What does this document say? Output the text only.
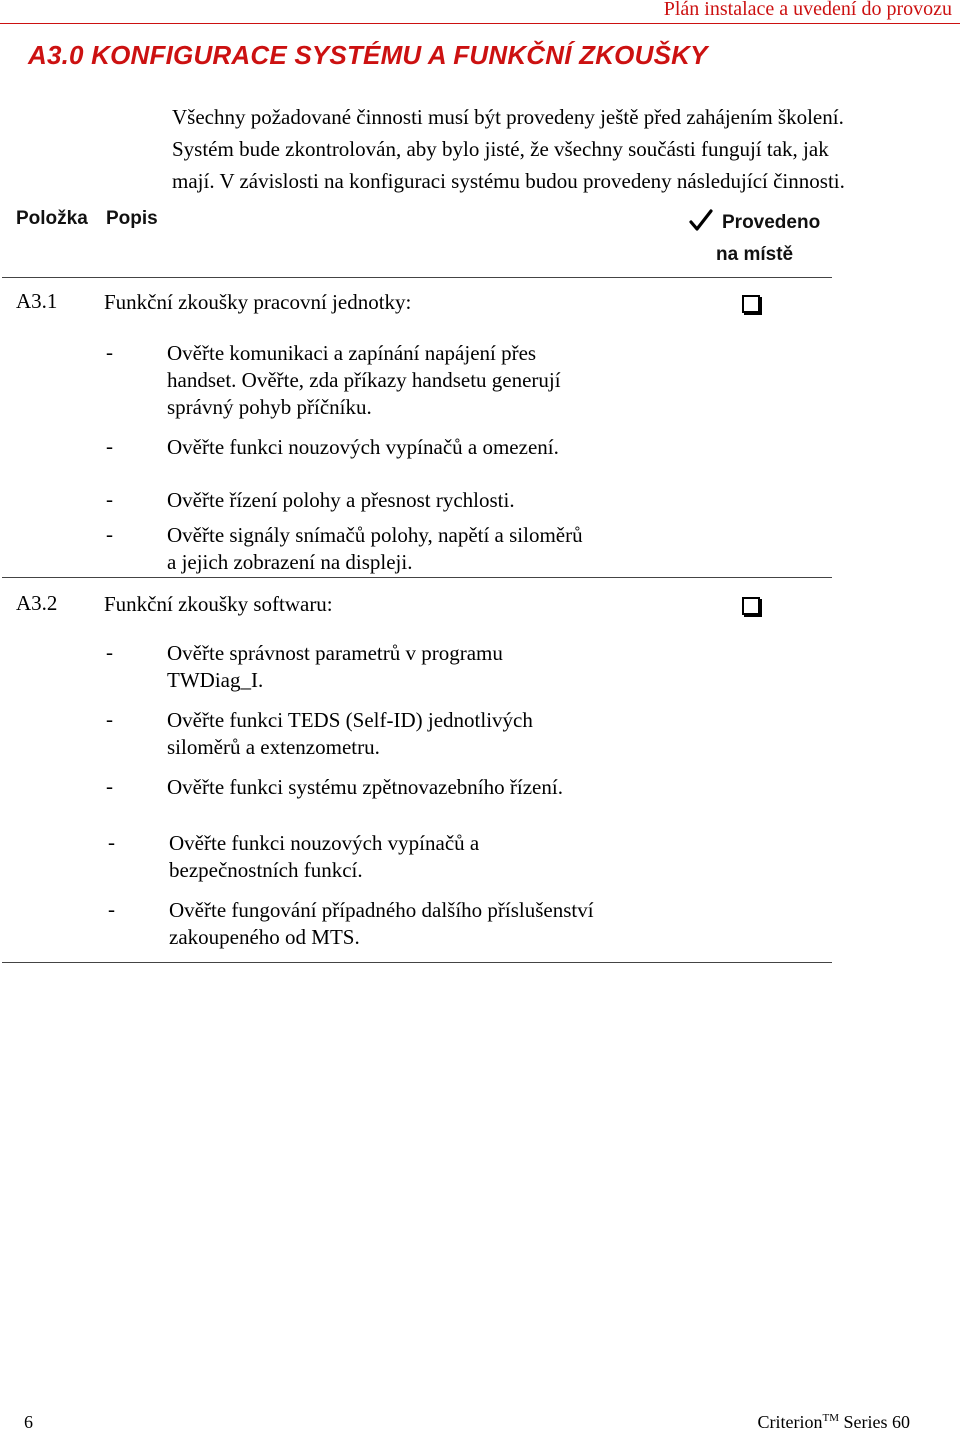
Plán instalace a uvedení do provozu
A3.0 KONFIGURACE SYSTÉMU A FUNKČNÍ ZKOUŠKY
Všechny požadované činnosti musí být provedeny ještě před zahájením školení.
Systém bude zkontrolován, aby bylo jisté, že všechny součásti fungují tak, jak
mají. V závislosti na konfiguraci systému budou provedeny následující činnosti.
Položka Popis	Provedeno
na místě
A3.1 Funkční zkoušky pracovní jednotky:
-	Ověřte komunikaci a zapínání napájení přes
handset. Ověřte, zda příkazy handsetu generují
správný pohyb příčníku.
-	Ověřte funkci nouzových vypínačů a omezení.
-	Ověřte řízení polohy a přesnost rychlosti.
-	Ověřte signály snímačů polohy, napětí a siloměrů
a jejich zobrazení na displeji.
A3.2 Funkční zkoušky softwaru:
-	Ověřte správnost parametrů v programu
TWDiag_I.
-	Ověřte funkci TEDS (Self-ID) jednotlivých
siloměrů a extenzometru.
-	Ověřte funkci systému zpětnovazebního řízení.
-	Ověřte funkci nouzových vypínačů a
bezpečnostních funkcí.
-	Ověřte fungování případného dalšího příslušenství
zakoupeného od MTS.
6	Criterion™ Series 60
